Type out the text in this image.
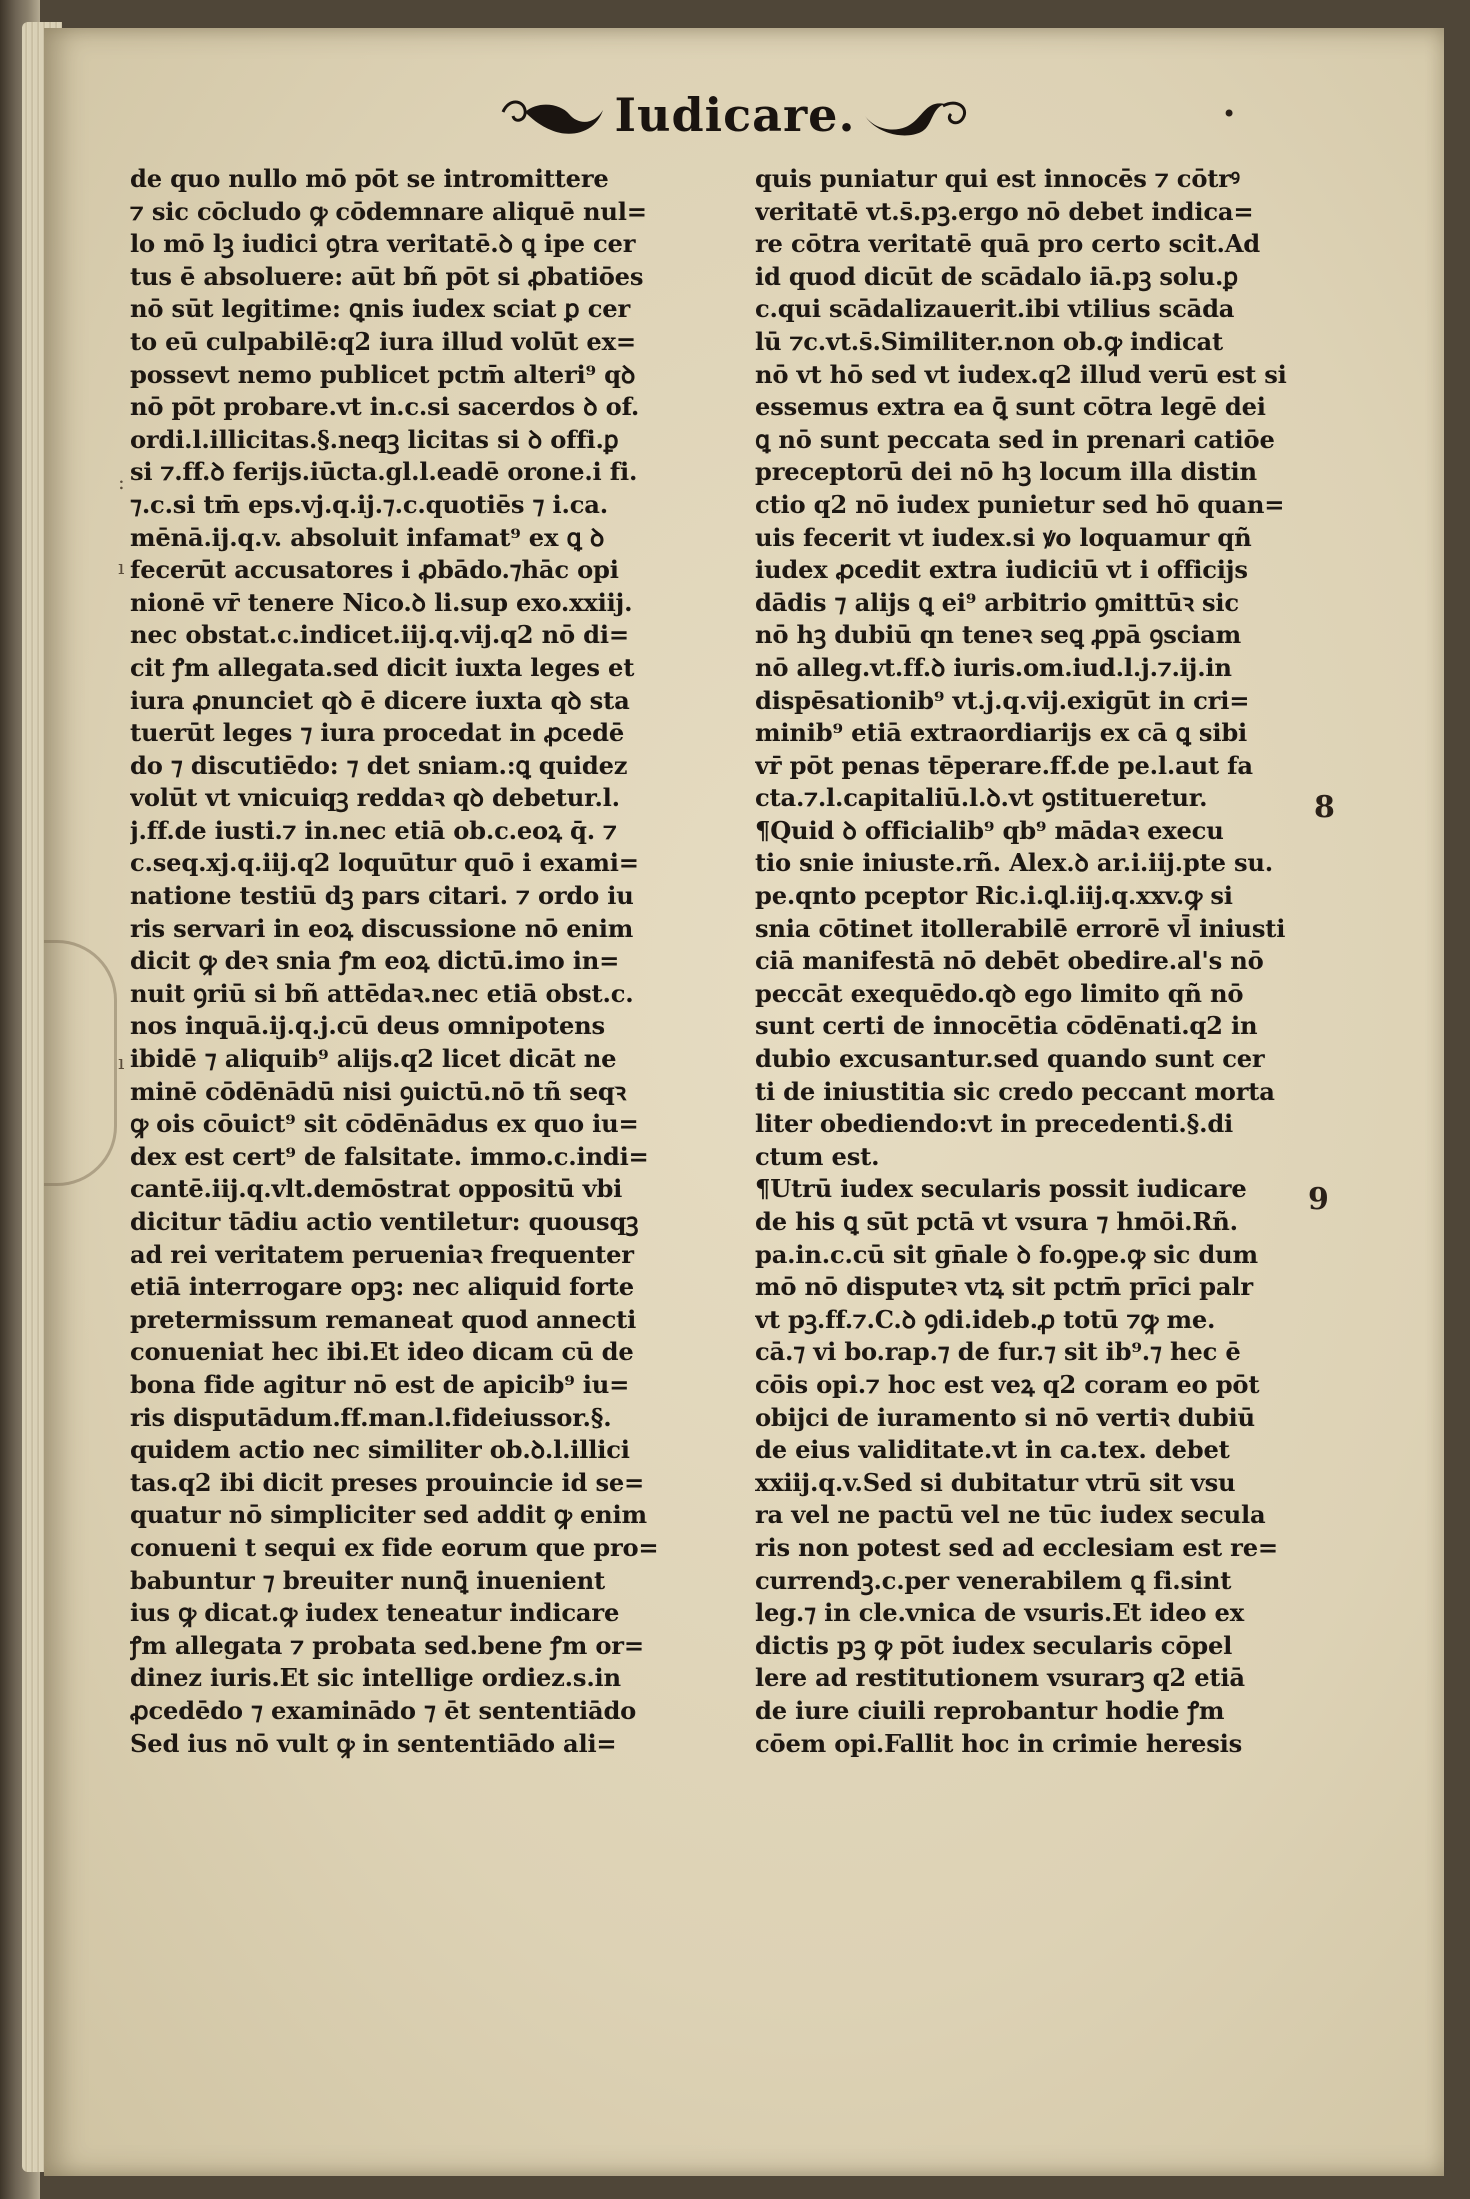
Iudicare.	•
de quo nullo mō pōt se intromittere
⁊ sic cōcludo ꝙ cōdemnare aliquē nul=
lo mō lꝫ iudici ꝯtra veritatē.ꝺ ꝗ ipe cer
tus ē absoluere: aūt bñ pōt si ꝓbatiōes
nō sūt legitime: ꝗnis iudex sciat ꝑ cer
to eū culpabilē:q2 iura illud volūt ex=
possevt nemo publicet pctm̄ alteri⁹ qꝺ
nō pōt probare.vt in.c.si sacerdos ꝺ of.
ordi.l.illicitas.§.neqꝫ licitas si ꝺ offi.ꝑ
si ⁊.ff.ꝺ ferijs.iūcta.gl.l.eadē orone.i fi.
⁊.c.si tm̄ eps.vj.q.ij.⁊.c.quotiēs ⁊ i.ca.
mēnā.ij.q.v. absoluit infamat⁹ ex ꝗ ꝺ
fecerūt accusatores i ꝓbādo.⁊hāc opi
nionē vr̄ tenere Nico.ꝺ li.sup exo.xxiij.
nec obstat.c.indicet.iij.q.vij.q2 nō di=
cit ꝭm allegata.sed dicit iuxta leges et
iura ꝓnunciet qꝺ ē dicere iuxta qꝺ sta
tuerūt leges ⁊ iura procedat in ꝓcedē
do ⁊ discutiēdo: ⁊ det sniam.:ꝗ quidez
volūt vt vnicuiqꝫ reddaꝛ qꝺ debetur.l.
j.ff.de iusti.⁊ in.nec etiā ob.c.eoꝝ q̄. ⁊
c.seq.xj.q.iij.q2 loquūtur quō i exami=
natione testiū dꝫ pars citari. ⁊ ordo iu
ris servari in eoꝝ discussione nō enim
dicit ꝙ deꝛ snia ꝭm eoꝝ dictū.imo in=
nuit ꝯriū si bñ attēdaꝛ.nec etiā obst.c.
nos inquā.ij.q.j.cū deus omnipotens
ibidē ⁊ aliquib⁹ alijs.q2 licet dicāt ne
minē cōdēnādū nisi ꝯuictū.nō tñ seqꝛ
ꝙ ois cōuict⁹ sit cōdēnādus ex quo iu=
dex est cert⁹ de falsitate. immo.c.indi=
cantē.iij.q.vlt.demōstrat oppositū vbi
dicitur tādiu actio ventiletur: quousqꝫ
ad rei veritatem perueniaꝛ frequenter
etiā interrogare opꝫ: nec aliquid forte
pretermissum remaneat quod annecti
conueniat hec ibi.Et ideo dicam cū de
bona fide agitur nō est de apicib⁹ iu=
ris disputādum.ff.man.l.fideiussor.§.
quidem actio nec similiter ob.ꝺ.l.illici
tas.q2 ibi dicit preses prouincie id se=
quatur nō simpliciter sed addit ꝙ enim
conueni t sequi ex fide eorum que pro=
babuntur ⁊ breuiter nunꝗ̄ inuenient
ius ꝙ dicat.ꝙ iudex teneatur indicare
ꝭm allegata ⁊ probata sed.bene ꝭm or=
dinez iuris.Et sic intellige ordiez.s.in
ꝓcedēdo ⁊ examinādo ⁊ ēt sententiādo
Sed ius nō vult ꝙ in sententiādo ali=
quis puniatur qui est innocēs ⁊ cōtrꝰ
veritatē vt.s̄.pꝫ.ergo nō debet indica=
re cōtra veritatē quā pro certo scit.Ad
id quod dicūt de scādalo iā.pꝫ solu.ꝑ
c.qui scādalizauerit.ibi vtilius scāda
lū ⁊c.vt.s̄.Similiter.non ob.ꝙ indicat
nō vt hō sed vt iudex.q2 illud verū est si
essemus extra ea ꝗ̄ sunt cōtra legē dei
ꝗ nō sunt peccata sed in prenari catiōe
preceptorū dei nō hꝫ locum illa distin
ctio q2 nō iudex punietur sed hō quan=
uis fecerit vt iudex.si ꝟo loquamur qñ
iudex ꝓcedit extra iudiciū vt i officijs
dādis ⁊ alijs ꝗ ei⁹ arbitrio ꝯmittūꝛ sic
nō hꝫ dubiū qn teneꝛ seꝗ ꝓpā ꝯsciam
nō alleg.vt.ff.ꝺ iuris.om.iud.l.j.⁊.ij.in
dispēsationib⁹ vt.j.q.vij.exigūt in cri=
minib⁹ etiā extraordiarijs ex cā ꝗ sibi
vr̄ pōt penas tēperare.ff.de pe.l.aut fa
cta.⁊.l.capitaliū.l.ꝺ.vt ꝯstitueretur.
¶Quid ꝺ officialib⁹ qb⁹ mādaꝛ execu
tio snie iniuste.rñ. Alex.ꝺ ar.i.iij.pte su.
pe.qnto pceptor Ric.i.ꝗl.iij.q.xxv.ꝙ si
snia cōtinet itollerabilē errorē vl̄ iniusti
ciā manifestā nō debēt obedire.al's nō
peccāt exequēdo.qꝺ ego limito qñ nō
sunt certi de innocētia cōdēnati.q2 in
dubio excusantur.sed quando sunt cer
ti de iniustitia sic credo peccant morta
liter obediendo:vt in precedenti.§.di
ctum est.
¶Utrū iudex secularis possit iudicare
de his ꝗ sūt pctā vt vsura ⁊ hmōi.Rñ.
pa.in.c.cū sit gn̄ale ꝺ fo.ꝯpe.ꝙ sic dum
mō nō disputeꝛ vtꝝ sit pctm̄ prīci palr
vt pꝫ.ff.⁊.C.ꝺ ꝯdi.ideb.ꝓ totū ⁊ꝙ me.
cā.⁊ vi bo.rap.⁊ de fur.⁊ sit ib⁹.⁊ hec ē
cōis opi.⁊ hoc est veꝝ q2 coram eo pōt
obijci de iuramento si nō vertiꝛ dubiū
de eius validitate.vt in ca.tex. debet
xxiij.q.v.Sed si dubitatur vtrū sit vsu
ra vel ne pactū vel ne tūc iudex secula
ris non potest sed ad ecclesiam est re=
currendꝫ.c.per venerabilem ꝗ fi.sint
leg.⁊ in cle.vnica de vsuris.Et ideo ex
dictis pꝫ ꝙ pōt iudex secularis cōpel
lere ad restitutionem vsurarꝫ q2 etiā
de iure ciuili reprobantur hodie ꝭm
cōem opi.Fallit hoc in crimie heresis
8
9
:
ı
ı
